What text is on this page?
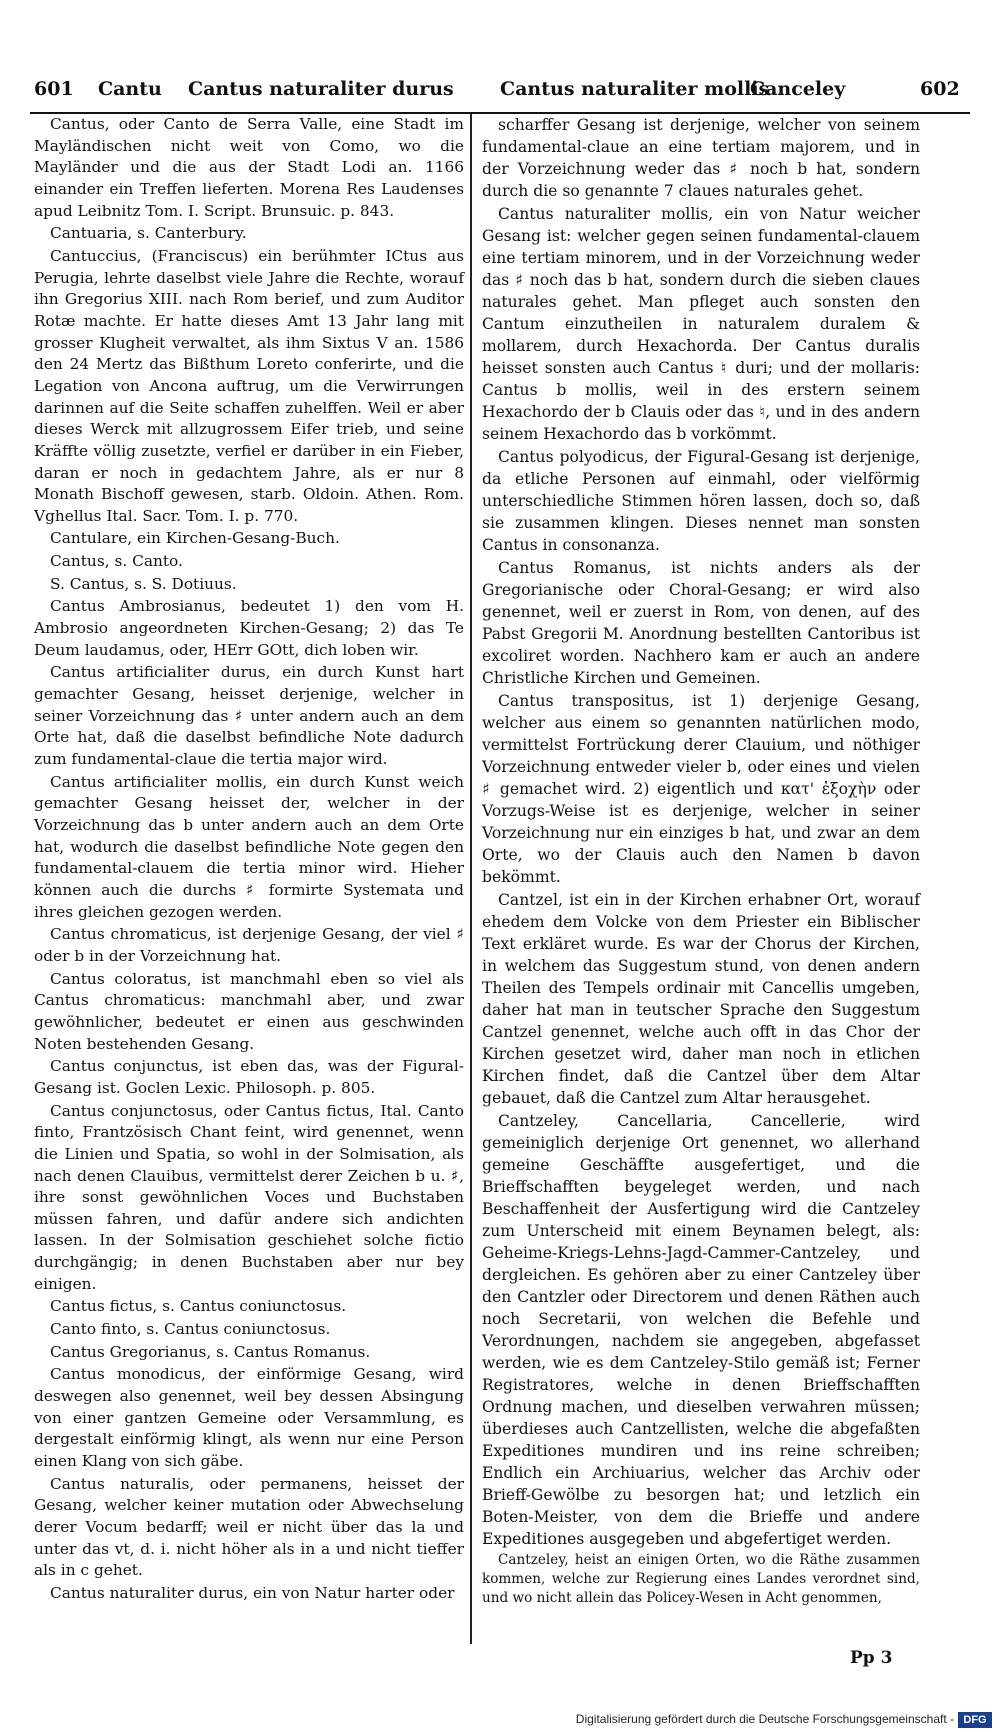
601 Cantu Cantus naturaliter durus Cantus naturaliter mollis
Canceley	602

Cantus, oder Canto de Serra Valle, eine Stadt im Mayländischen nicht weit von Como, wo die Mayländer und die aus der Stadt Lodi an. 1166 einander ein Treffen lieferten. Morena Res Laudenses apud Leibnitz Tom. I. Script. Brunsuic. p. 843.

Cantuaria, s. Canterbury.

Cantuccius, (Franciscus) ein berühmter ICtus aus Perugia, lehrte daselbst viele Jahre die Rechte, worauf ihn Gregorius XIII. nach Rom berief, und zum Auditor Rotæ machte. Er hatte dieses Amt 13 Jahr lang mit grosser Klugheit verwaltet, als ihm Sixtus V an. 1586 den 24 Mertz das Bißthum Loreto conferirte, und die Legation von Ancona auftrug, um die Verwirrungen darinnen auf die Seite schaffen zuhelffen. Weil er aber dieses Werck mit allzugrossem Eifer trieb, und seine Kräffte völlig zusetzte, verfiel er darüber in ein Fieber, daran er noch in gedachtem Jahre, als er nur 8 Monath Bischoff gewesen, starb. Oldoin. Athen. Rom. Vghellus Ital. Sacr. Tom. I. p. 770.

Cantulare, ein Kirchen-Gesang-Buch.

Cantus, s. Canto.

S. Cantus, s. S. Dotiuus.

Cantus Ambrosianus, bedeutet 1) den vom H. Ambrosio angeordneten Kirchen-Gesang; 2) das Te Deum laudamus, oder, HErr GOtt, dich loben wir.

Cantus artificialiter durus, ein durch Kunst hart gemachter Gesang, heisset derjenige, welcher in seiner Vorzeichnung das ♯ unter andern auch an dem Orte hat, daß die daselbst befindliche Note dadurch zum fundamental-claue die tertia major wird.

Cantus artificialiter mollis, ein durch Kunst weich gemachter Gesang heisset der, welcher in der Vorzeichnung das b unter andern auch an dem Orte hat, wodurch die daselbst befindliche Note gegen den fundamental-clauem die tertia minor wird. Hieher können auch die durchs ♯ formirte Systemata und ihres gleichen gezogen werden.

Cantus chromaticus, ist derjenige Gesang, der viel ♯ oder b in der Vorzeichnung hat.

Cantus coloratus, ist manchmahl eben so viel als Cantus chromaticus: manchmahl aber, und zwar gewöhnlicher, bedeutet er einen aus geschwinden Noten bestehenden Gesang.

Cantus conjunctus, ist eben das, was der Figural-Gesang ist. Goclen Lexic. Philosoph. p. 805.

Cantus conjunctosus, oder Cantus fictus, Ital. Canto finto, Frantzösisch Chant feint, wird genennet, wenn die Linien und Spatia, so wohl in der Solmisation, als nach denen Clauibus, vermittelst derer Zeichen b u. ♯, ihre sonst gewöhnlichen Voces und Buchstaben müssen fahren, und dafür andere sich andichten lassen. In der Solmisation geschiehet solche fictio durchgängig; in denen Buchstaben aber nur bey einigen.

Cantus fictus, s. Cantus coniunctosus.

Canto finto, s. Cantus coniunctosus.

Cantus Gregorianus, s. Cantus Romanus.

Cantus monodicus, der einförmige Gesang, wird deswegen also genennet, weil bey dessen Absingung von einer gantzen Gemeine oder Versammlung, es dergestalt einförmig klingt, als wenn nur eine Person einen Klang von sich gäbe.

Cantus naturalis, oder permanens, heisset der Gesang, welcher keiner mutation oder Abwechselung derer Vocum bedarff; weil er nicht über das la und unter das vt, d. i. nicht höher als in a und nicht tieffer als in c gehet.

Cantus naturaliter durus, ein von Natur harter oder

scharffer Gesang ist derjenige, welcher von seinem fundamental-claue an eine tertiam majorem, und in der Vorzeichnung weder das ♯ noch b hat, sondern durch die so genannte 7 claues naturales gehet.

Cantus naturaliter mollis, ein von Natur weicher Gesang ist: welcher gegen seinen fundamental-clauem eine tertiam minorem, und in der Vorzeichnung weder das ♯ noch das b hat, sondern durch die sieben claues naturales gehet. Man pfleget auch sonsten den Cantum einzutheilen in naturalem duralem & mollarem, durch Hexachorda. Der Cantus duralis heisset sonsten auch Cantus ♮ duri; und der mollaris: Cantus b mollis, weil in des erstern seinem Hexachordo der b Clauis oder das ♮, und in des andern seinem Hexachordo das b vorkömmt.

Cantus polyodicus, der Figural-Gesang ist derjenige, da etliche Personen auf einmahl, oder vielförmig unterschiedliche Stimmen hören lassen, doch so, daß sie zusammen klingen. Dieses nennet man sonsten Cantus in consonanza.

Cantus Romanus, ist nichts anders als der Gregorianische oder Choral-Gesang; er wird also genennet, weil er zuerst in Rom, von denen, auf des Pabst Gregorii M. Anordnung bestellten Cantoribus ist excoliret worden. Nachhero kam er auch an andere Christliche Kirchen und Gemeinen.

Cantus transpositus, ist 1) derjenige Gesang, welcher aus einem so genannten natürlichen modo, vermittelst Fortrückung derer Clauium, und nöthiger Vorzeichnung entweder vieler b, oder eines und vielen ♯ gemachet wird. 2) eigentlich und κατ' ἐξοχὴν oder Vorzugs-Weise ist es derjenige, welcher in seiner Vorzeichnung nur ein einziges b hat, und zwar an dem Orte, wo der Clauis auch den Namen b davon bekömmt.

Cantzel, ist ein in der Kirchen erhabner Ort, worauf ehedem dem Volcke von dem Priester ein Biblischer Text erkläret wurde. Es war der Chorus der Kirchen, in welchem das Suggestum stund, von denen andern Theilen des Tempels ordinair mit Cancellis umgeben, daher hat man in teutscher Sprache den Suggestum Cantzel genennet, welche auch offt in das Chor der Kirchen gesetzet wird, daher man noch in etlichen Kirchen findet, daß die Cantzel über dem Altar gebauet, daß die Cantzel zum Altar herausgehet.

Cantzeley, Cancellaria, Cancellerie, wird gemeiniglich derjenige Ort genennet, wo allerhand gemeine Geschäffte ausgefertiget, und die Brieffschafften beygeleget werden, und nach Beschaffenheit der Ausfertigung wird die Cantzeley zum Unterscheid mit einem Beynamen belegt, als: Geheime-Kriegs-Lehns-Jagd-Cammer-Cantzeley, und dergleichen. Es gehören aber zu einer Cantzeley über den Cantzler oder Directorem und denen Räthen auch noch Secretarii, von welchen die Befehle und Verordnungen, nachdem sie angegeben, abgefasset werden, wie es dem Cantzeley-Stilo gemäß ist; Ferner Registratores, welche in denen Brieffschafften Ordnung machen, und dieselben verwahren müssen; überdieses auch Cantzellisten, welche die abgefaßten Expeditiones mundiren und ins reine schreiben; Endlich ein Archiuarius, welcher das Archiv oder Brieff-Gewölbe zu besorgen hat; und letzlich ein Boten-Meister, von dem die Brieffe und andere Expeditiones ausgegeben und abgefertiget werden.

Cantzeley, heist an einigen Orten, wo die Räthe zusammen kommen, welche zur Regierung eines Landes verordnet sind, und wo nicht allein das Policey-Wesen in Acht genommen,

Pp 3
Digitalisierung gefördert durch die Deutsche Forschungsgemeinschaft - DFG
